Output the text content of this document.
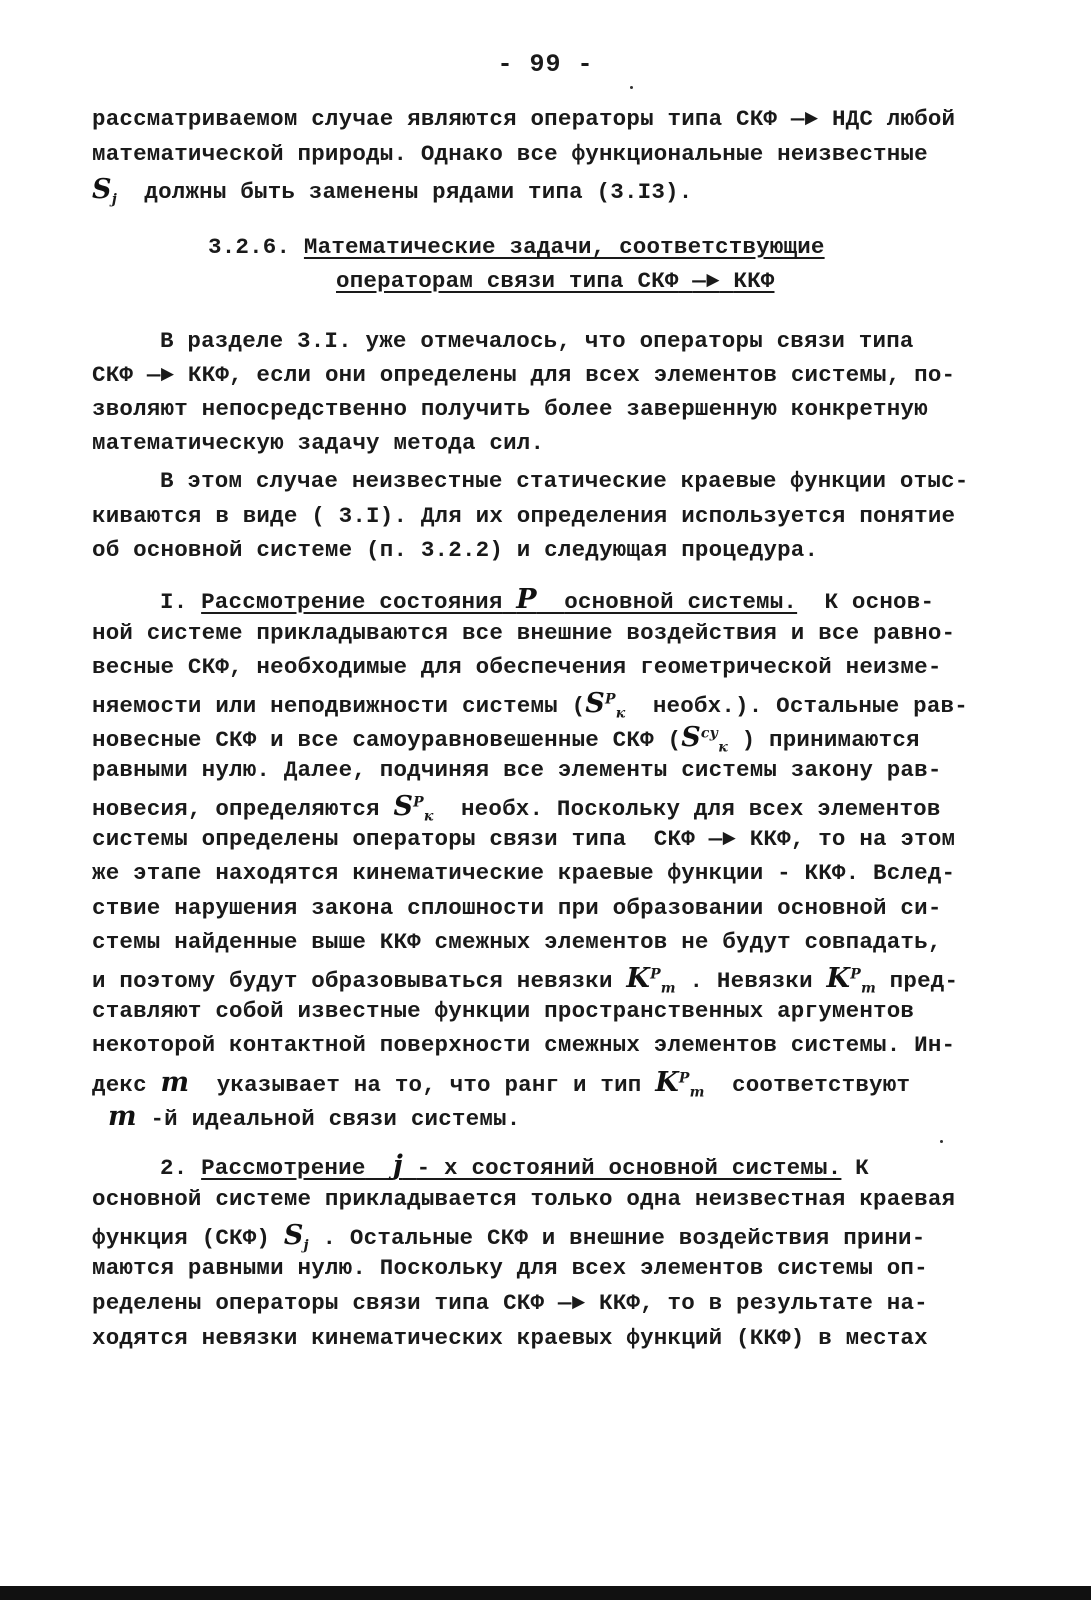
- 99 -
рассматриваемом случае являются операторы типа СКФ —► НДС любой
математической природы. Однако все функциональные неизвестные
$S_j$ должны быть заменены рядами типа (3.I3).
3.2.6. Математические задачи, соответствующие
операторам связи типа СКФ —► ККФ
В разделе 3.I. уже отмечалось, что операторы связи типа
СКФ —► ККФ, если они определены для всех элементов системы, по-
зволяют непосредственно получить более завершенную конкретную
математическую задачу метода сил.
В этом случае неизвестные статические краевые функции отыс-
киваются в виде ( 3.I). Для их определения используется понятие
об основной системе (п. 3.2.2) и следующая процедура.
I. Рассмотрение состояния P основной системы. К основ-
ной системе прикладываются все внешние воздействия и все равно-
весные СКФ, необходимые для обеспечения геометрической неизме-
няемости или неподвижности системы ($S^P_к$ необх.). Остальные рав-
новесные СКФ и все самоуравновешенные СКФ ($S^{су}_к$ ) принимаются
равными нулю. Далее, подчиняя все элементы системы закону рав-
новесия, определяются $S^P_к$ необх. Поскольку для всех элементов
системы определены операторы связи типа  СКФ —► ККФ, то на этом
же этапе находятся кинематические краевые функции - ККФ. Вслед-
ствие нарушения закона сплошности при образовании основной си-
стемы найденные выше ККФ смежных элементов не будут совпадать,
и поэтому будут образовываться невязки $K^P_m$ . Невязки $K^P_m$ пред-
ставляют собой известные функции пространственных аргументов
некоторой контактной поверхности смежных элементов системы. Ин-
декс m указывает на то, что ранг и тип $K^P_m$ соответствуют
m -й идеальной связи системы.
2. Рассмотрение j - х состояний основной системы. К
основной системе прикладывается только одна неизвестная краевая
функция (СКФ) $S_j$ . Остальные СКФ и внешние воздействия прини-
маются равными нулю. Поскольку для всех элементов системы оп-
ределены операторы связи типа СКФ —► ККФ, то в результате на-
ходятся невязки кинематических краевых функций (ККФ) в местах
